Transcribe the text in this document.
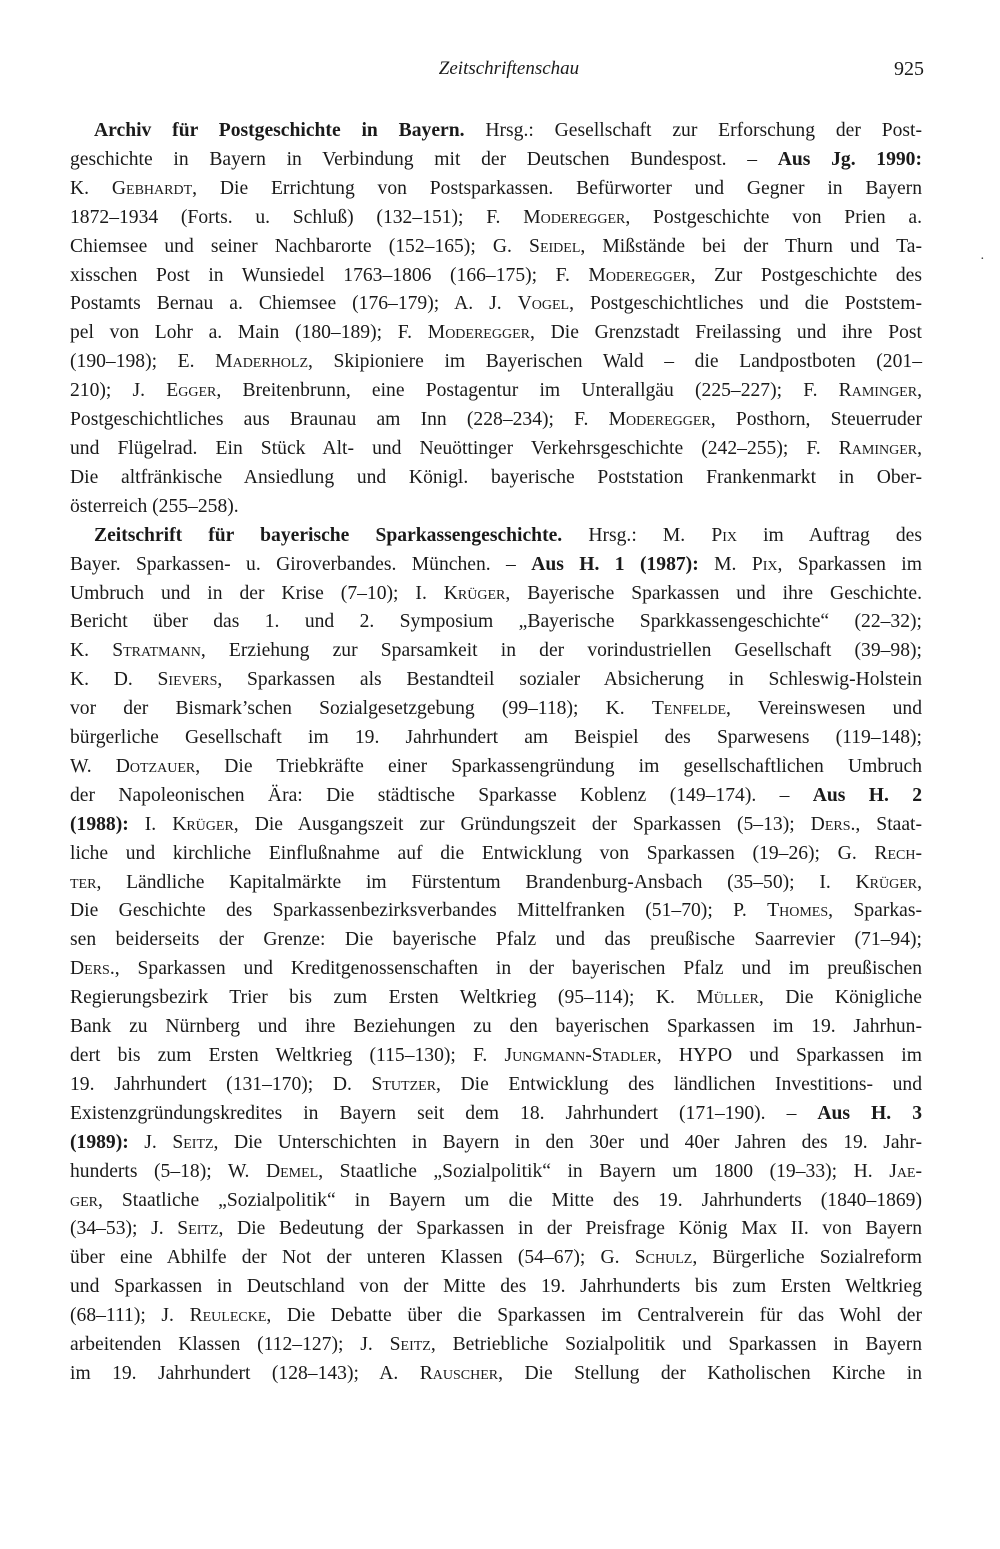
Zeitschriftenschau	925
·

Archiv für Postgeschichte in Bayern. Hrsg.: Gesellschaft zur Erforschung der Post-
geschichte in Bayern in Verbindung mit der Deutschen Bundespost. – Aus Jg. 1990:
K. Gebhardt, Die Errichtung von Postsparkassen. Befürworter und Gegner in Bayern
1872–1934 (Forts. u. Schluß) (132–151); F. Moderegger, Postgeschichte von Prien a.
Chiemsee und seiner Nachbarorte (152–165); G. Seidel, Mißstände bei der Thurn und Ta-
xisschen Post in Wunsiedel 1763–1806 (166–175); F. Moderegger, Zur Postgeschichte des
Postamts Bernau a. Chiemsee (176–179); A. J. Vogel, Postgeschichtliches und die Poststem-
pel von Lohr a. Main (180–189); F. Moderegger, Die Grenzstadt Freilassing und ihre Post
(190–198); E. Maderholz, Skipioniere im Bayerischen Wald – die Landpostboten (201–
210); J. Egger, Breitenbrunn, eine Postagentur im Unterallgäu (225–227); F. Raminger,
Postgeschichtliches aus Braunau am Inn (228–234); F. Moderegger, Posthorn, Steuerruder
und Flügelrad. Ein Stück Alt- und Neuöttinger Verkehrsgeschichte (242–255); F. Raminger,
Die altfränkische Ansiedlung und Königl. bayerische Poststation Frankenmarkt in Ober-
österreich (255–258).

Zeitschrift für bayerische Sparkassengeschichte. Hrsg.: M. Pix im Auftrag des
Bayer. Sparkassen- u. Giroverbandes. München. – Aus H. 1 (1987): M. Pix, Sparkassen im
Umbruch und in der Krise (7–10); I. Krüger, Bayerische Sparkassen und ihre Geschichte.
Bericht über das 1. und 2. Symposium „Bayerische Sparkkassengeschichte“ (22–32);
K. Stratmann, Erziehung zur Sparsamkeit in der vorindustriellen Gesellschaft (39–98);
K. D. Sievers, Sparkassen als Bestandteil sozialer Absicherung in Schleswig-Holstein
vor der Bismark’schen Sozialgesetzgebung (99–118); K. Tenfelde, Vereinswesen und
bürgerliche Gesellschaft im 19. Jahrhundert am Beispiel des Sparwesens (119–148);
W. Dotzauer, Die Triebkräfte einer Sparkassengründung im gesellschaftlichen Umbruch
der Napoleonischen Ära: Die städtische Sparkasse Koblenz (149–174). – Aus H. 2
(1988): I. Krüger, Die Ausgangszeit zur Gründungszeit der Sparkassen (5–13); Ders., Staat-
liche und kirchliche Einflußnahme auf die Entwicklung von Sparkassen (19–26); G. Rech-
ter, Ländliche Kapitalmärkte im Fürstentum Brandenburg-Ansbach (35–50); I. Krüger,
Die Geschichte des Sparkassenbezirksverbandes Mittelfranken (51–70); P. Thomes, Sparkas-
sen beiderseits der Grenze: Die bayerische Pfalz und das preußische Saarrevier (71–94);
Ders., Sparkassen und Kreditgenossenschaften in der bayerischen Pfalz und im preußischen
Regierungsbezirk Trier bis zum Ersten Weltkrieg (95–114); K. Müller, Die Königliche
Bank zu Nürnberg und ihre Beziehungen zu den bayerischen Sparkassen im 19. Jahrhun-
dert bis zum Ersten Weltkrieg (115–130); F. Jungmann-Stadler, HYPO und Sparkassen im
19. Jahrhundert (131–170); D. Stutzer, Die Entwicklung des ländlichen Investitions- und
Existenzgründungskredites in Bayern seit dem 18. Jahrhundert (171–190). – Aus H. 3
(1989): J. Seitz, Die Unterschichten in Bayern in den 30er und 40er Jahren des 19. Jahr-
hunderts (5–18); W. Demel, Staatliche „Sozialpolitik“ in Bayern um 1800 (19–33); H. Jae-
ger, Staatliche „Sozialpolitik“ in Bayern um die Mitte des 19. Jahrhunderts (1840–1869)
(34–53); J. Seitz, Die Bedeutung der Sparkassen in der Preisfrage König Max II. von Bayern
über eine Abhilfe der Not der unteren Klassen (54–67); G. Schulz, Bürgerliche Sozialreform
und Sparkassen in Deutschland von der Mitte des 19. Jahrhunderts bis zum Ersten Weltkrieg
(68–111); J. Reulecke, Die Debatte über die Sparkassen im Centralverein für das Wohl der
arbeitenden Klassen (112–127); J. Seitz, Betriebliche Sozialpolitik und Sparkassen in Bayern
im 19. Jahrhundert (128–143); A. Rauscher, Die Stellung der Katholischen Kirche in
